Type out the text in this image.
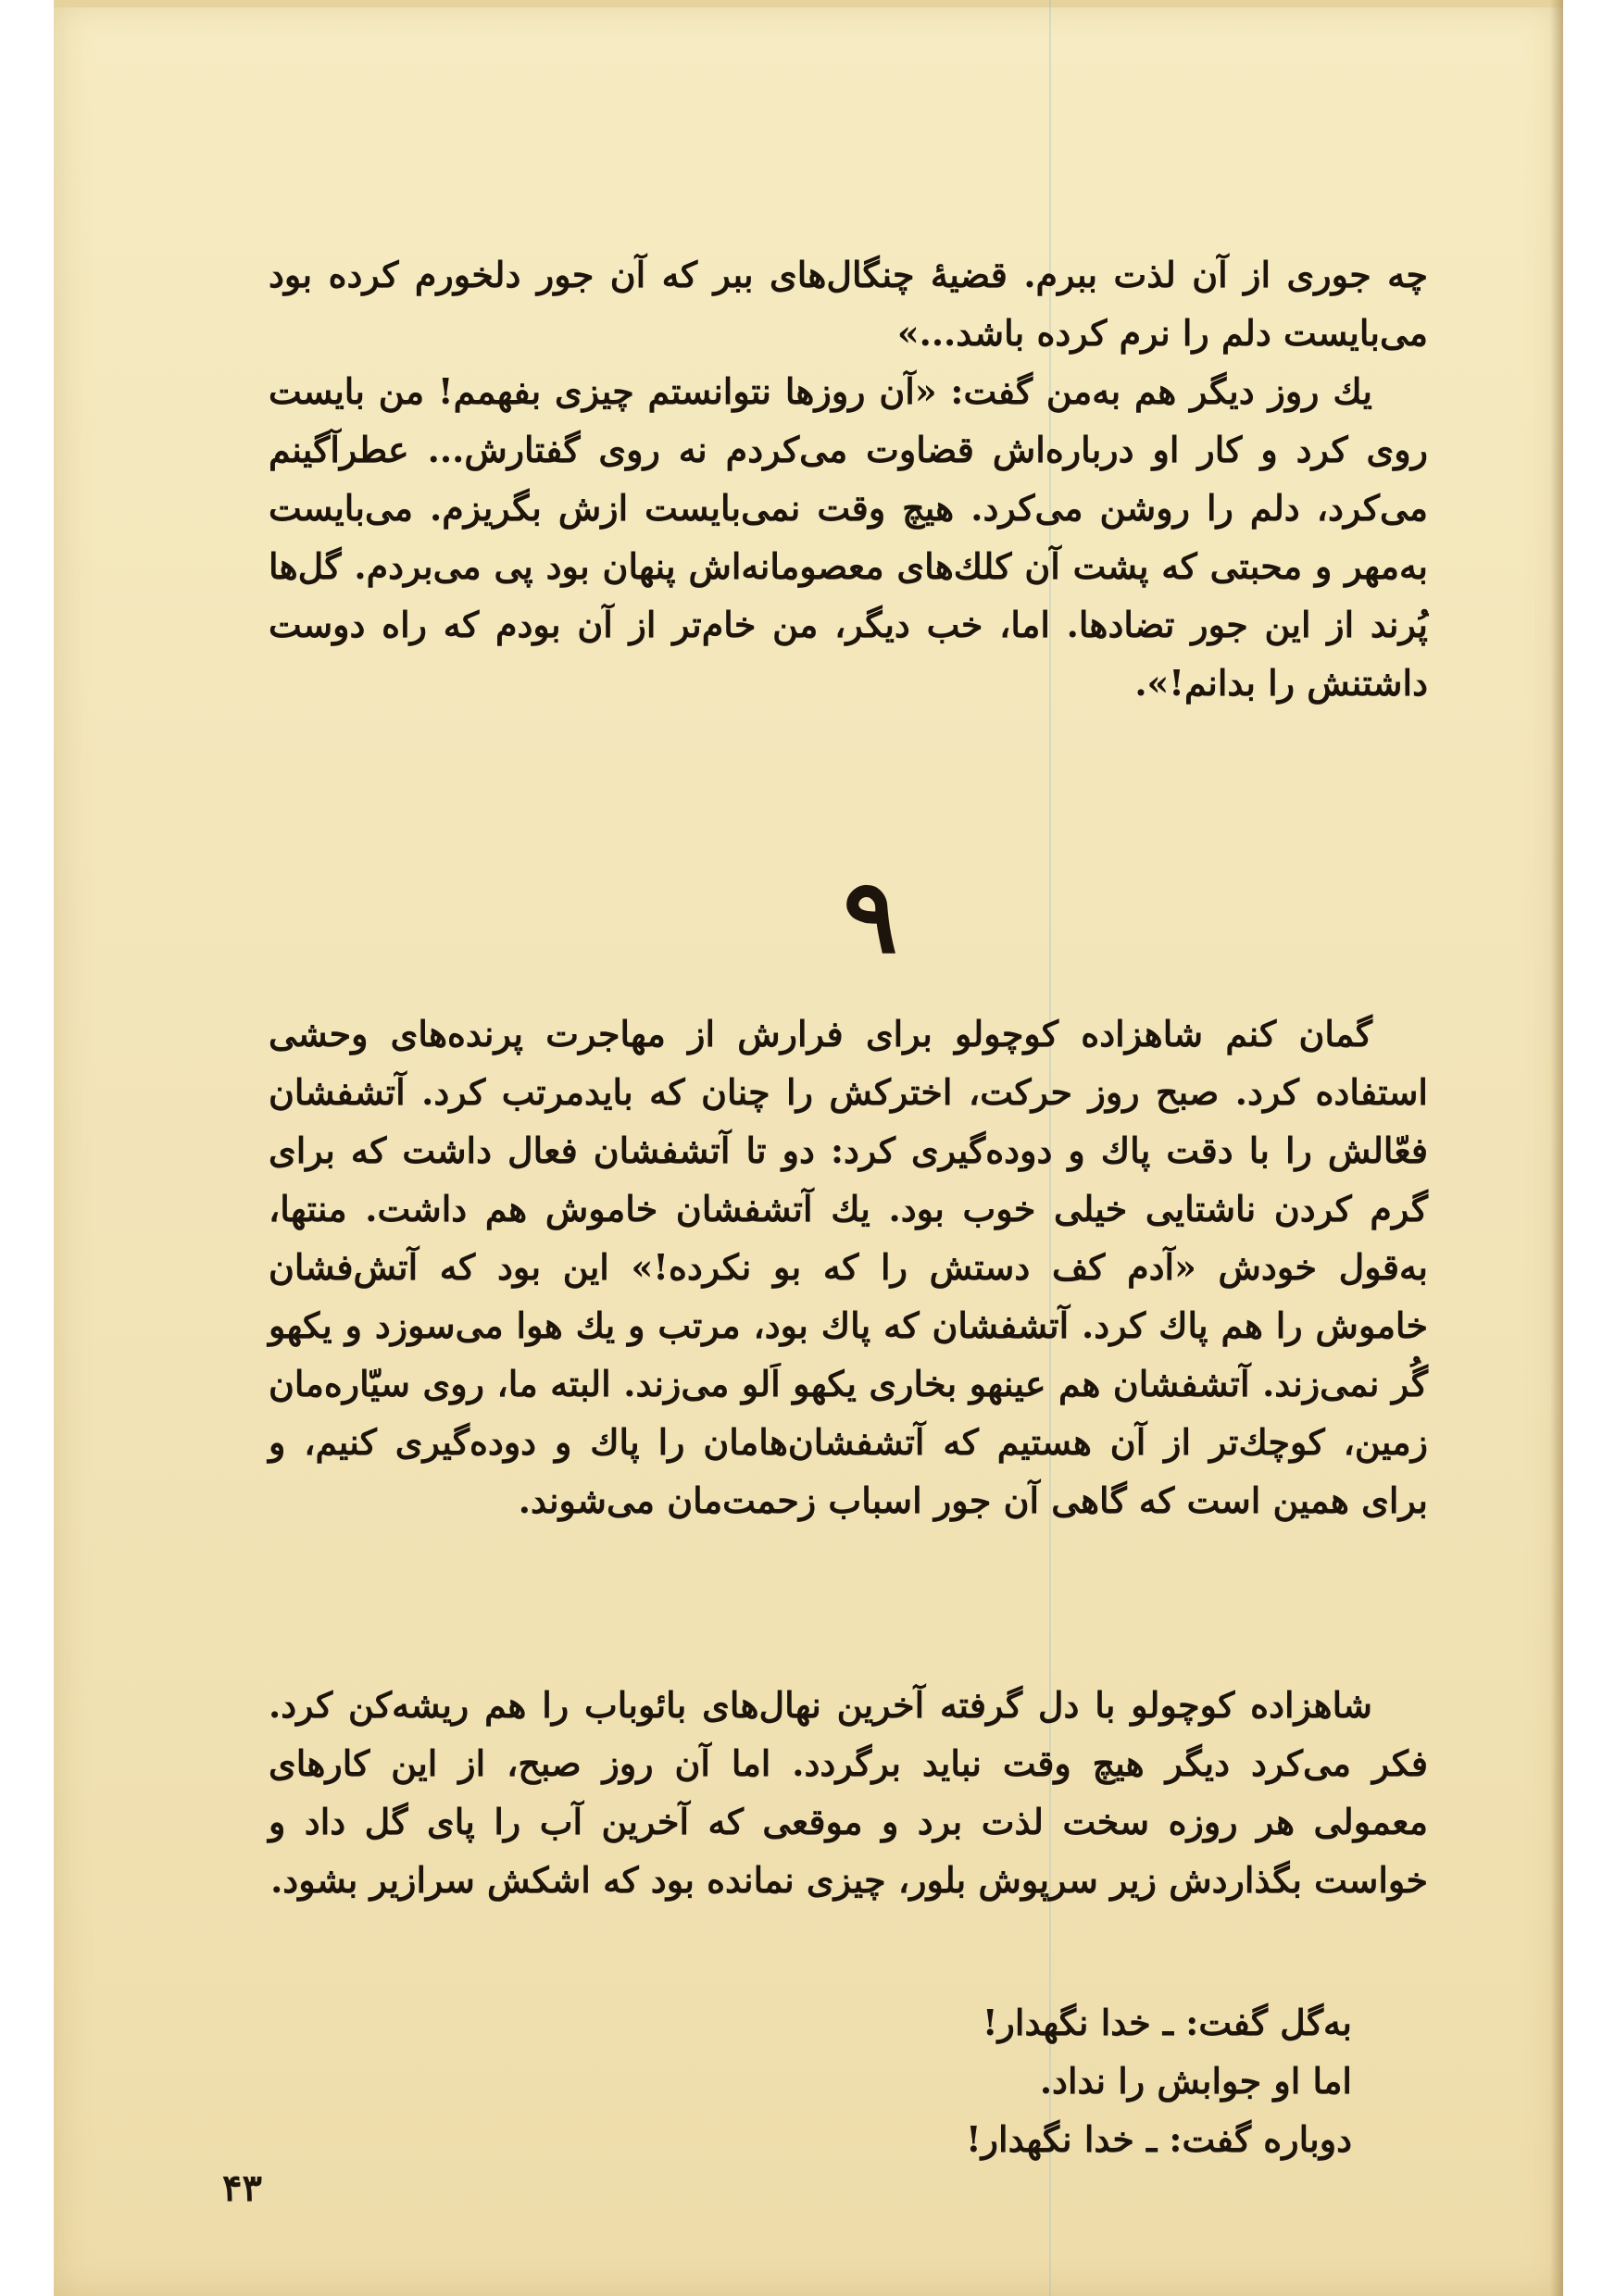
چه جوری از آن لذت ببرم. قضیهٔ چنگال‌های ببر که آن جور دلخورم کرده بود می‌بایست دلم را نرم کرده باشد...»

یك روز دیگر هم به‌من گفت: «آن روزها نتوانستم چیزی بفهمم! من بایست روی کرد و کار او درباره‌اش قضاوت می‌کردم نه روی گفتارش... عطرآگینم می‌کرد، دلم را روشن می‌کرد. هیچ وقت نمی‌بایست ازش بگریزم. می‌بایست به‌مهر و محبتی که پشت آن کلك‌های معصومانه‌اش پنهان بود پی می‌بردم. گل‌ها پُرند از این جور تضادها. اما، خب دیگر، من خام‌تر از آن بودم که راه دوست داشتنش را بدانم!».

۹

گمان کنم شاهزاده کوچولو برای فرارش از مهاجرت پرنده‌های وحشی استفاده کرد. صبح روز حرکت، اخترکش را چنان که بایدمرتب کرد. آتشفشان فعّالش را با دقت پاك و دوده‌گیری کرد: دو تا آتشفشان فعال داشت که برای گرم کردن ناشتایی خیلی خوب بود. یك آتشفشان خاموش هم داشت. منتها، به‌قول خودش «آدم کف دستش را که بو نکرده!» این بود که آتش‌فشان خاموش را هم پاك کرد. آتشفشان که پاك بود، مرتب و یك هوا می‌سوزد و یکهو گُر نمی‌زند. آتشفشان هم عینهو بخاری یکهو اَلو می‌زند. البته ما، روی سیّاره‌مان زمین، کوچك‌تر از آن هستیم که آتشفشان‌هامان را پاك و دوده‌گیری کنیم، و برای همین است که گاهی آن جور اسباب زحمت‌مان می‌شوند.

شاهزاده کوچولو با دل گرفته آخرین نهال‌های بائوباب را هم ریشه‌کن کرد. فکر می‌کرد دیگر هیچ وقت نباید برگردد. اما آن روز صبح، از این کارهای معمولی هر روزه سخت لذت برد و موقعی که آخرین آب را پای گل داد و خواست بگذاردش زیر سرپوش بلور، چیزی نمانده بود که اشکش سرازیر بشود.

به‌گل گفت: ـ خدا نگهدار!

اما او جوابش را نداد.

دوباره گفت: ـ خدا نگهدار!

۴۳
